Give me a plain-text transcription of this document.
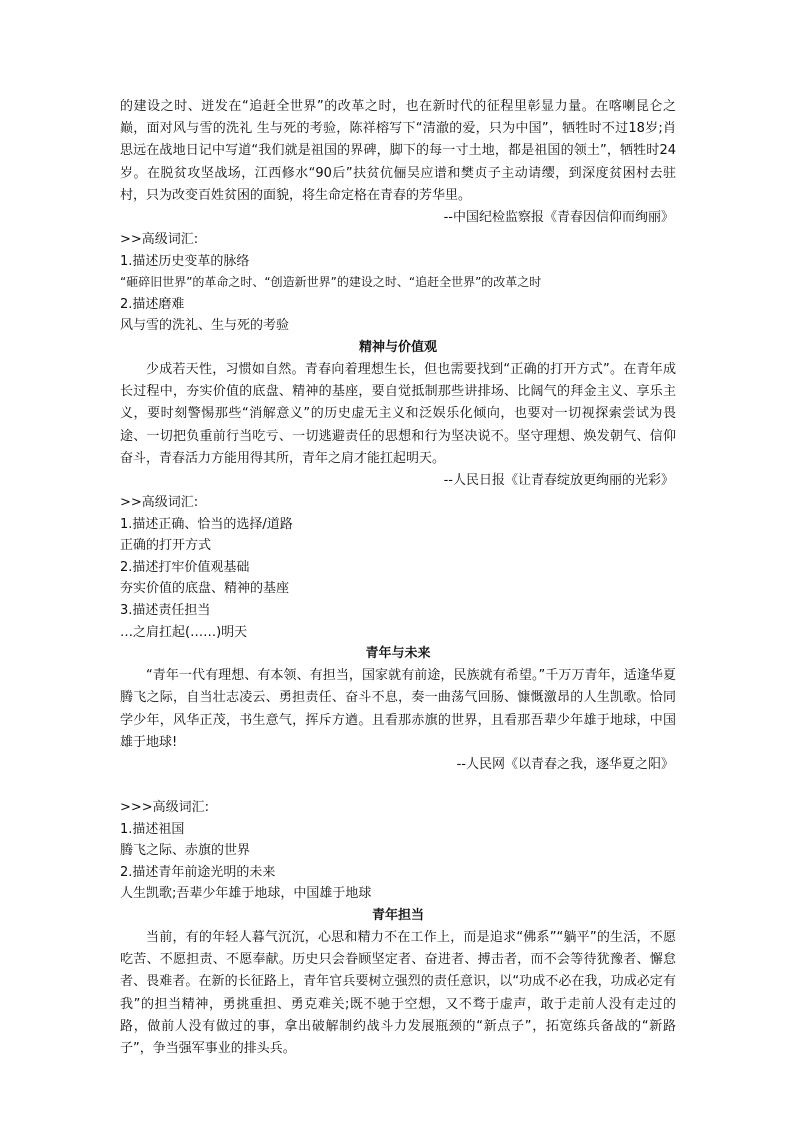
的建设之时、迸发在“追赶全世界”的改革之时，也在新时代的征程里彰显力量。在喀喇昆仑之巅，面对风与雪的洗礼 生与死的考验，陈祥榕写下“清澈的爱，只为中国”，牺牲时不过18岁;肖思远在战地日记中写道“我们就是祖国的界碑，脚下的每一寸土地，都是祖国的领土”，牺牲时24岁。在脱贫攻坚战场，江西修水“90后”扶贫伉俪吴应谱和樊贞子主动请缨，到深度贫困村去驻村，只为改变百姓贫困的面貌，将生命定格在青春的芳华里。

--中国纪检监察报《青春因信仰而绚丽》

>>高级词汇:

1.描述历史变革的脉络

“砸碎旧世界”的革命之时、“创造新世界”的建设之时、“追赶全世界”的改革之时

2.描述磨难

风与雪的洗礼、生与死的考验

精神与价值观

少成若天性，习惯如自然。青春向着理想生长，但也需要找到“正确的打开方式”。在青年成长过程中，夯实价值的底盘、精神的基座，要自觉抵制那些讲排场、比阔气的拜金主义、享乐主义，要时刻警惕那些“消解意义”的历史虚无主义和泛娱乐化倾向，也要对一切视探索尝试为畏途、一切把负重前行当吃亏、一切逃避责任的思想和行为坚决说不。坚守理想、焕发朝气、信仰奋斗，青春活力方能用得其所，青年之肩才能扛起明天。

--人民日报《让青春绽放更绚丽的光彩》

>>高级词汇:

1.描述正确、恰当的选择/道路

正确的打开方式

2.描述打牢价值观基础

夯实价值的底盘、精神的基座

3.描述责任担当

…之肩扛起(……)明天

青年与未来

“青年一代有理想、有本领、有担当，国家就有前途，民族就有希望。”千万万青年，适逢华夏腾飞之际，自当壮志凌云、勇担责任、奋斗不息，奏一曲荡气回肠、慷慨激昂的人生凯歌。恰同学少年，风华正茂，书生意气，挥斥方遒。且看那赤旗的世界，且看那吾辈少年雄于地球，中国雄于地球!

--人民网《以青春之我，逐华夏之阳》

>>>高级词汇:

1.描述祖国

腾飞之际、赤旗的世界

2.描述青年前途光明的未来

人生凯歌;吾辈少年雄于地球，中国雄于地球

青年担当

当前，有的年轻人暮气沉沉，心思和精力不在工作上，而是追求“佛系”“躺平”的生活，不愿吃苦、不愿担责、不愿奉献。历史只会眷顾坚定者、奋进者、搏击者，而不会等待犹豫者、懈怠者、畏难者。在新的长征路上，青年官兵要树立强烈的责任意识，以“功成不必在我，功成必定有我”的担当精神，勇挑重担、勇克难关;既不驰于空想，又不骛于虚声，敢于走前人没有走过的路，做前人没有做过的事，拿出破解制约战斗力发展瓶颈的“新点子”，拓宽练兵备战的“新路子”，争当强军事业的排头兵。
